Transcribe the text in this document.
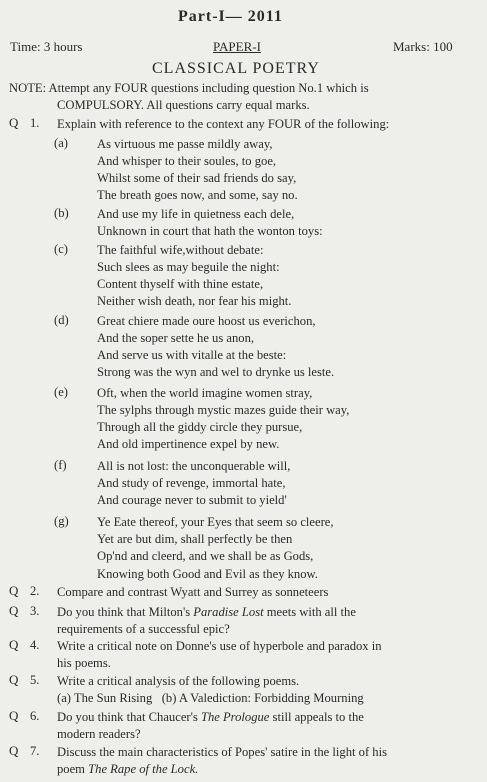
Part-I— 2011
Time: 3 hours	PAPER-I	Marks: 100
CLASSICAL POETRY
NOTE: Attempt any FOUR questions including question No.1 which is
COMPULSORY. All questions carry equal marks.
Q 1. Explain with reference to the context any FOUR of the following:
(a) As virtuous me passe mildly away,
And whisper to their soules, to goe,
Whilst some of their sad friends do say,
The breath goes now, and some, say no.
(b) And use my life in quietness each dele,
Unknown in court that hath the wonton toys:
(c) The faithful wife,without debate:
Such slees as may beguile the night:
Content thyself with thine estate,
Neither wish death, nor fear his might.
(d) Great chiere made oure hoost us everichon,
And the soper sette he us anon,
And serve us with vitalle at the beste:
Strong was the wyn and wel to drynke us leste.
(e) Oft, when the world imagine women stray,
The sylphs through mystic mazes guide their way,
Through all the giddy circle they pursue,
And old impertinence expel by new.
(f) All is not lost: the unconquerable will,
And study of revenge, immortal hate,
And courage never to submit to yield'
(g) Ye Eate thereof, your Eyes that seem so cleere,
Yet are but dim, shall perfectly be then
Op'nd and cleerd, and we shall be as Gods,
Knowing both Good and Evil as they know.
Q 2. Compare and contrast Wyatt and Surrey as sonneteers
Q 3. Do you think that Milton's Paradise Lost meets with all the
requirements of a successful epic?
Q 4. Write a critical note on Donne's use of hyperbole and paradox in
his poems.
Q 5. Write a critical analysis of the following poems.
(a) The Sun Rising (b) A Valediction: Forbidding Mourning
Q 6. Do you think that Chaucer's The Prologue still appeals to the
modern readers?
Q 7. Discuss the main characteristics of Popes' satire in the light of his
poem The Rape of the Lock.
